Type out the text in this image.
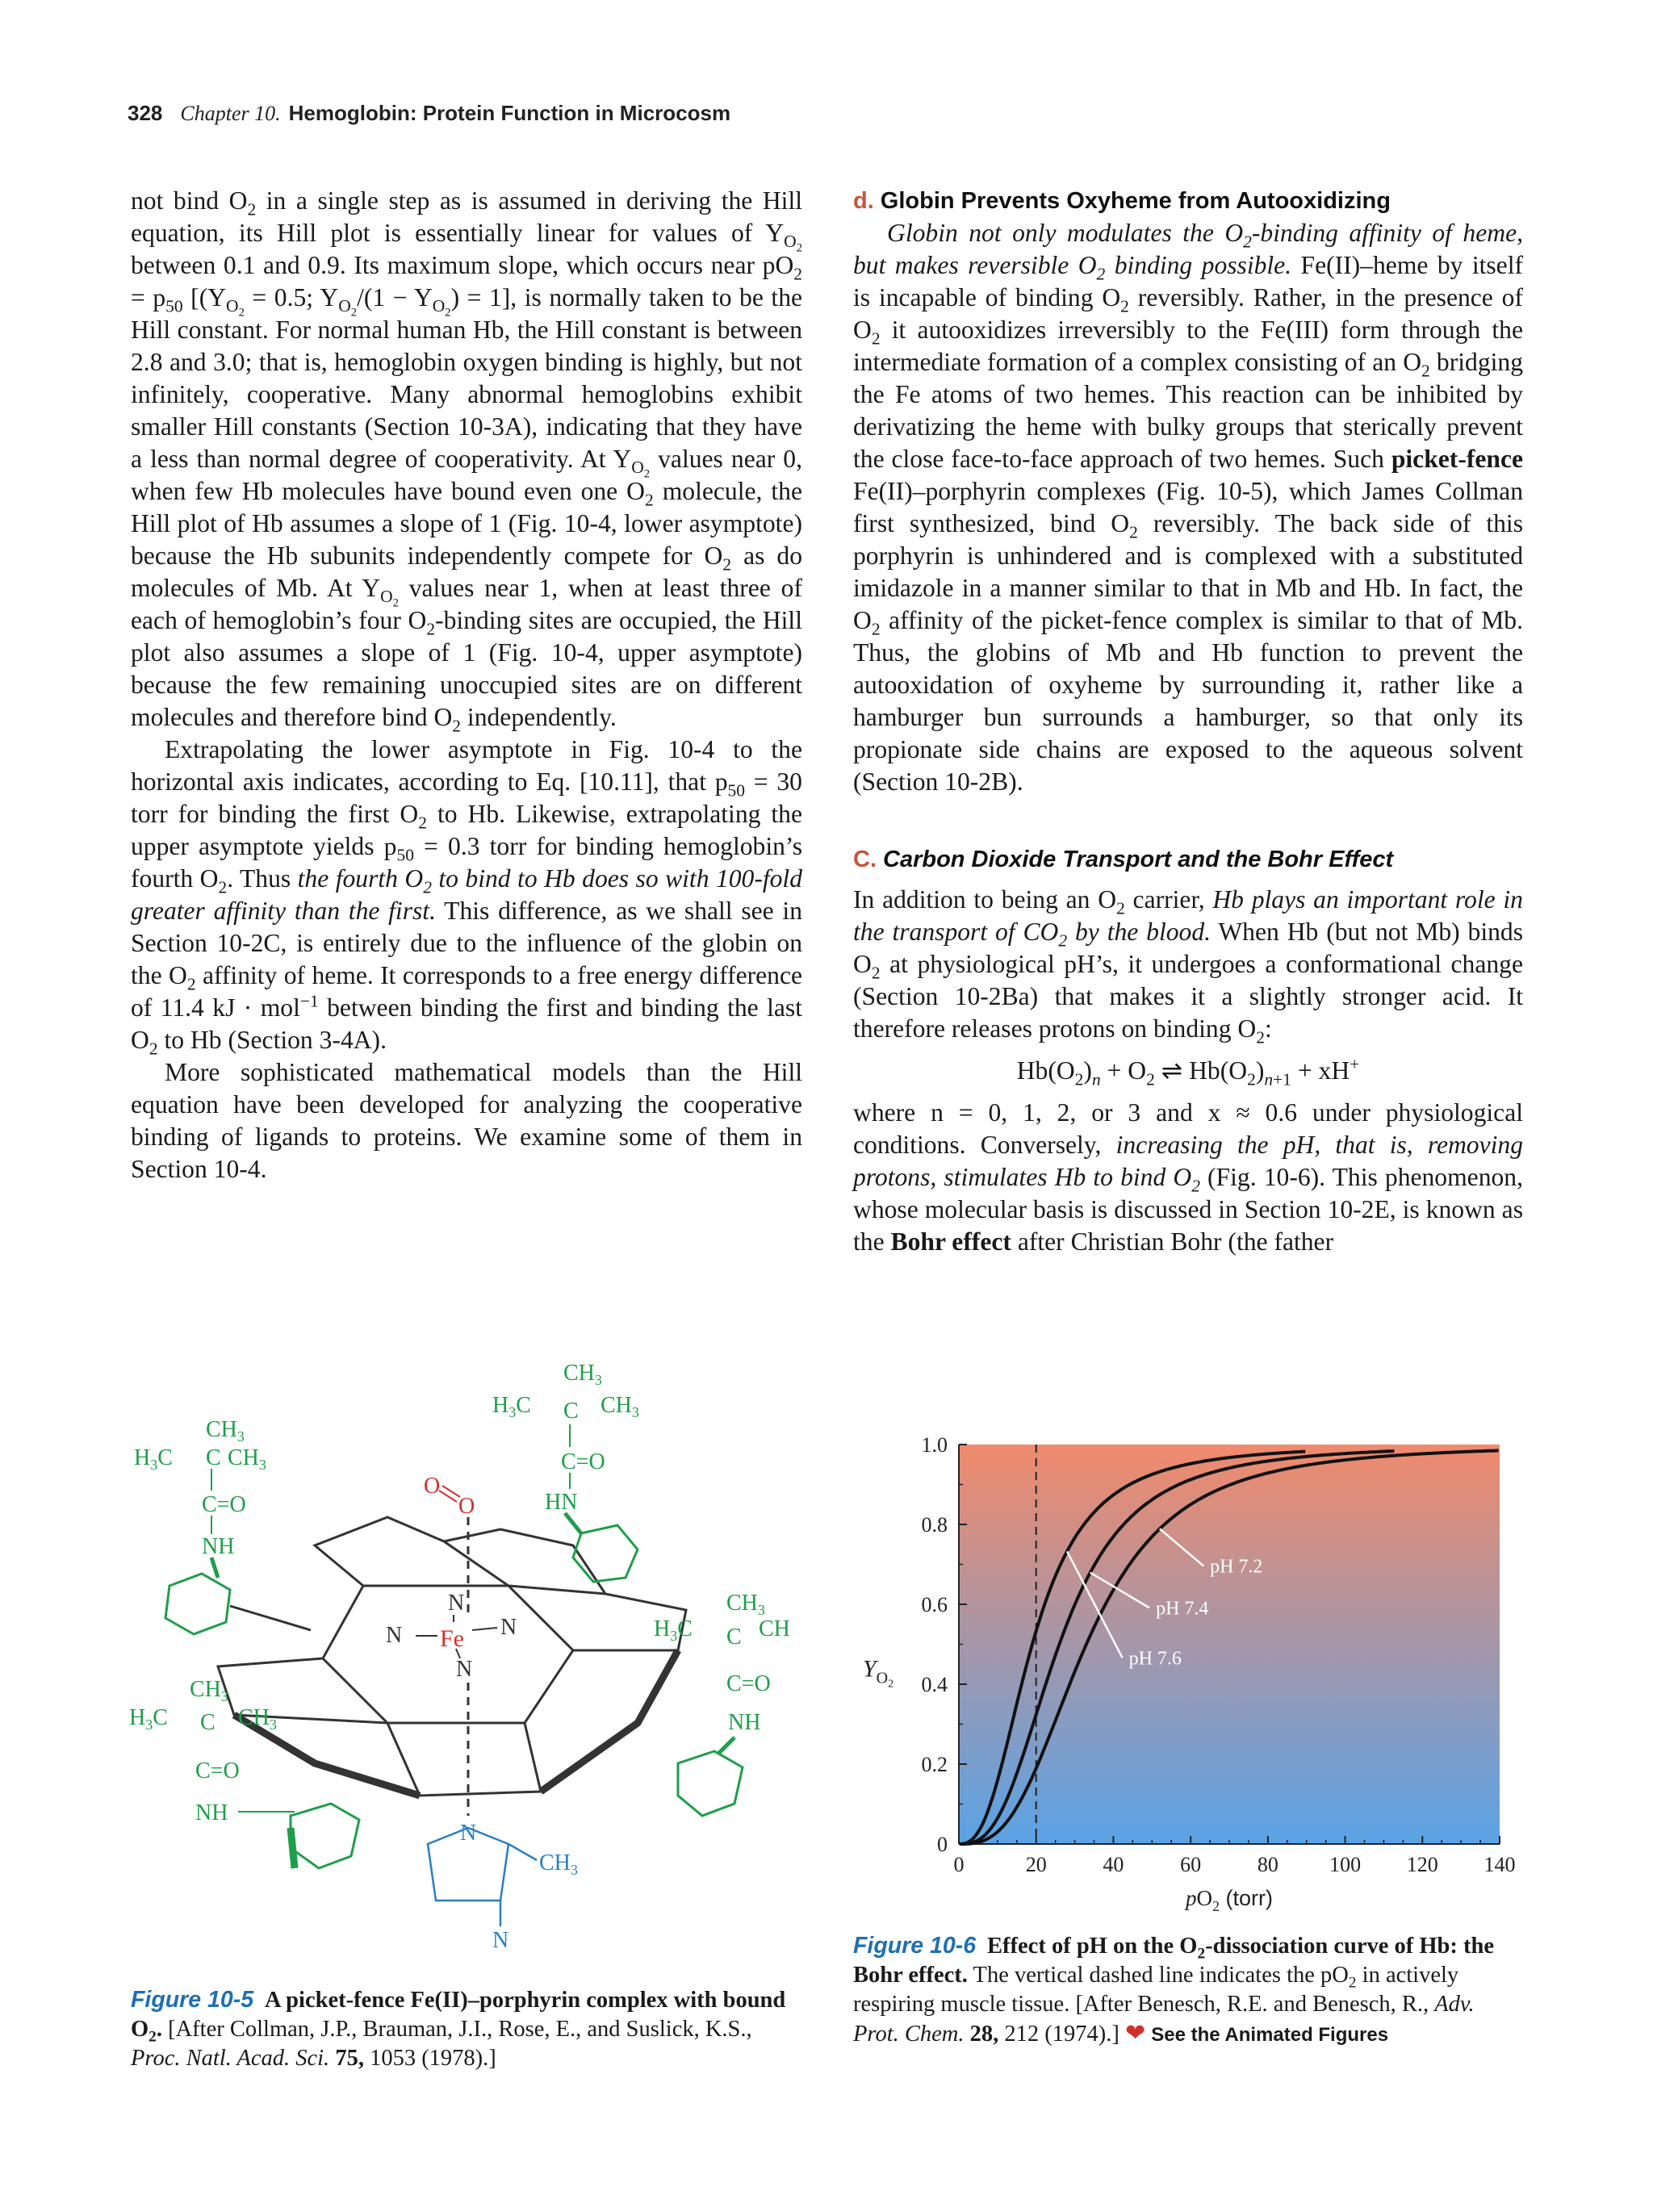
328 Chapter 10. Hemoglobin: Protein Function in Microcosm

not bind $O_2$ in a single step as is assumed in deriving the Hill equation, its Hill plot is essentially linear for values of $Y_{O_2}$ between 0.1 and 0.9. Its maximum slope, which occurs near $pO_2 = p_{50}$ [($Y_{O_2} = 0.5$; $Y_{O_2}/(1 - Y_{O_2}) = 1$], is normally taken to be the Hill constant. For normal human Hb, the Hill constant is between 2.8 and 3.0; that is, hemoglobin oxygen binding is highly, but not infinitely, cooperative. Many abnormal hemoglobins exhibit smaller Hill constants (Section 10-3A), indicating that they have a less than normal degree of cooperativity. At $Y_{O_2}$ values near 0, when few Hb molecules have bound even one $O_2$ molecule, the Hill plot of Hb assumes a slope of 1 (Fig. 10-4, lower asymptote) because the Hb subunits independently compete for $O_2$ as do molecules of Mb. At $Y_{O_2}$ values near 1, when at least three of each of hemoglobin’s four $O_2$-binding sites are occupied, the Hill plot also assumes a slope of 1 (Fig. 10-4, upper asymptote) because the few remaining unoccupied sites are on different molecules and therefore bind $O_2$ independently.

Extrapolating the lower asymptote in Fig. 10-4 to the horizontal axis indicates, according to Eq. [10.11], that $p_{50} = 30$ torr for binding the first $O_2$ to Hb. Likewise, extrapolating the upper asymptote yields $p_{50} = 0.3$ torr for binding hemoglobin’s fourth $O_2$. Thus the fourth $O_2$ to bind to Hb does so with 100-fold greater affinity than the first. This difference, as we shall see in Section 10-2C, is entirely due to the influence of the globin on the $O_2$ affinity of heme. It corresponds to a free energy difference of 11.4 kJ · mol$^{-1}$ between binding the first and binding the last $O_2$ to Hb (Section 3-4A).

More sophisticated mathematical models than the Hill equation have been developed for analyzing the cooperative binding of ligands to proteins. We examine some of them in Section 10-4.

d. Globin Prevents Oxyheme from Autooxidizing

Globin not only modulates the $O_2$-binding affinity of heme, but makes reversible $O_2$ binding possible. Fe(II)–heme by itself is incapable of binding $O_2$ reversibly. Rather, in the presence of $O_2$ it autooxidizes irreversibly to the Fe(III) form through the intermediate formation of a complex consisting of an $O_2$ bridging the Fe atoms of two hemes. This reaction can be inhibited by derivatizing the heme with bulky groups that sterically prevent the close face-to-face approach of two hemes. Such picket-fence Fe(II)–porphyrin complexes (Fig. 10-5), which James Collman first synthesized, bind $O_2$ reversibly. The back side of this porphyrin is unhindered and is complexed with a substituted imidazole in a manner similar to that in Mb and Hb. In fact, the $O_2$ affinity of the picket-fence complex is similar to that of Mb. Thus, the globins of Mb and Hb function to prevent the autooxidation of oxyheme by surrounding it, rather like a hamburger bun surrounds a hamburger, so that only its propionate side chains are exposed to the aqueous solvent (Section 10-2B).

C. Carbon Dioxide Transport and the Bohr Effect

In addition to being an $O_2$ carrier, Hb plays an important role in the transport of $CO_2$ by the blood. When Hb (but not Mb) binds $O_2$ at physiological pH’s, it undergoes a conformational change (Section 10-2Ba) that makes it a slightly stronger acid. It therefore releases protons on binding $O_2$:

$Hb(O_2)_n + O_2$ ⇌ $Hb(O_2)_{n+1} + xH^+$

where n = 0, 1, 2, or 3 and x ≈ 0.6 under physiological conditions. Conversely, increasing the pH, that is, removing protons, stimulates Hb to bind $O_2$ (Fig. 10-6). This phenomenon, whose molecular basis is discussed in Section 10-2E, is known as the Bohr effect after Christian Bohr (the father

Fe
N	N
N
N
O
O
N
N
$CH_3$
$CH_3$
$H_3C$ C $CH_3$
C=O
NH
$CH_3$
$H_3C$ C $CH_3$
C=O
HN
$CH_3$
$H_3C$ C CH
C=O
NH
$CH_3$
$H_3C$ C $CH_3$
C=O
NH
0	20	40	60	80 100 120 140
0
0.2
0.4
0.6
0.8
1.0
pH 7.2
pH 7.4
pH 7.6
$pO_2$ (torr)
$Y_O2$
Figure 10-5 A picket-fence Fe(II)–porphyrin complex with bound $O_2$. [After Collman, J.P., Brauman, J.I., Rose, E., and Suslick, K.S., Proc. Natl. Acad. Sci. 75, 1053 (1978).]
Figure 10-6 Effect of pH on the $O_2$-dissociation curve of Hb: the Bohr effect. The vertical dashed line indicates the $pO_2$ in actively respiring muscle tissue. [After Benesch, R.E. and Benesch, R., Adv. Prot. Chem. 28, 212 (1974).] ❤ See the Animated Figures
